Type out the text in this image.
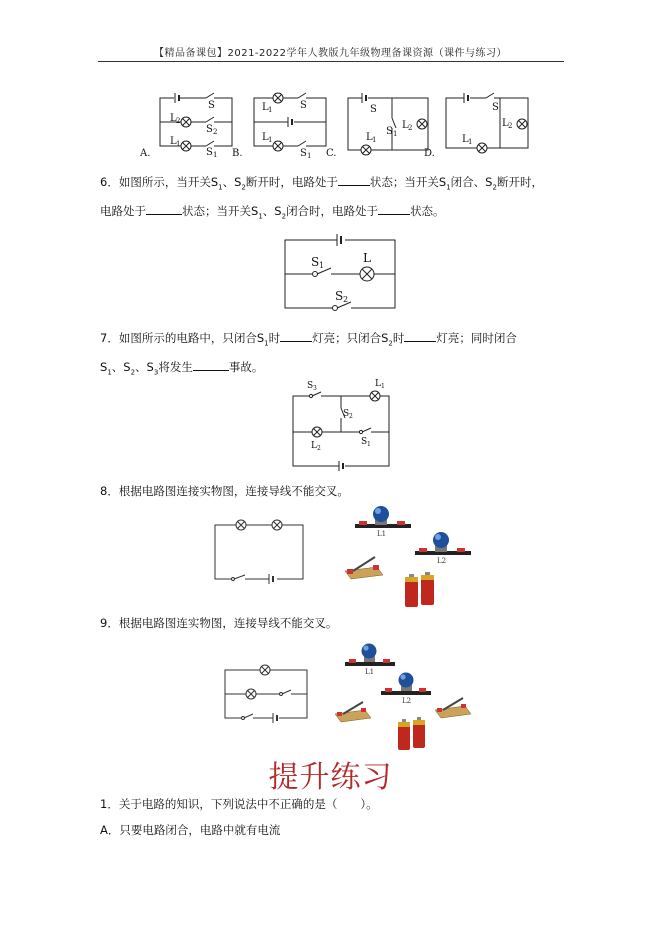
【精品备课包】2021-2022学年人教版九年级物理备课资源（课件与练习）
L 2
S
S 2
L 1
S 1
A.
L 1	S
L 1
S 1
B.
S
L 1
L 2
S 1
C.
S
L 2
L 1
D.
6．如图所示，当开关$S_1$、$S_2$断开时，电路处于	状态；当开关$S_1$闭合、$S_2$断开时，
电路处于	状态；当开关$S_1$、$S_2$闭合时，电路处于	状态。
S 1
L
S 2
7．如图所示的电路中，只闭合$S_1$时	灯亮；只闭合$S_2$时	灯亮；同时闭合
$S_1$、$S_2$、$S_3$将发生	事故。
S 3	L 1
S 2
L 2
S 1
8．根据电路图连接实物图，连接导线不能交叉。
L1
L2
9．根据电路图连实物图，连接导线不能交叉。
L1
L2
提升练习
1．关于电路的知识，下列说法中不正确的是（　　）。
A．只要电路闭合，电路中就有电流
